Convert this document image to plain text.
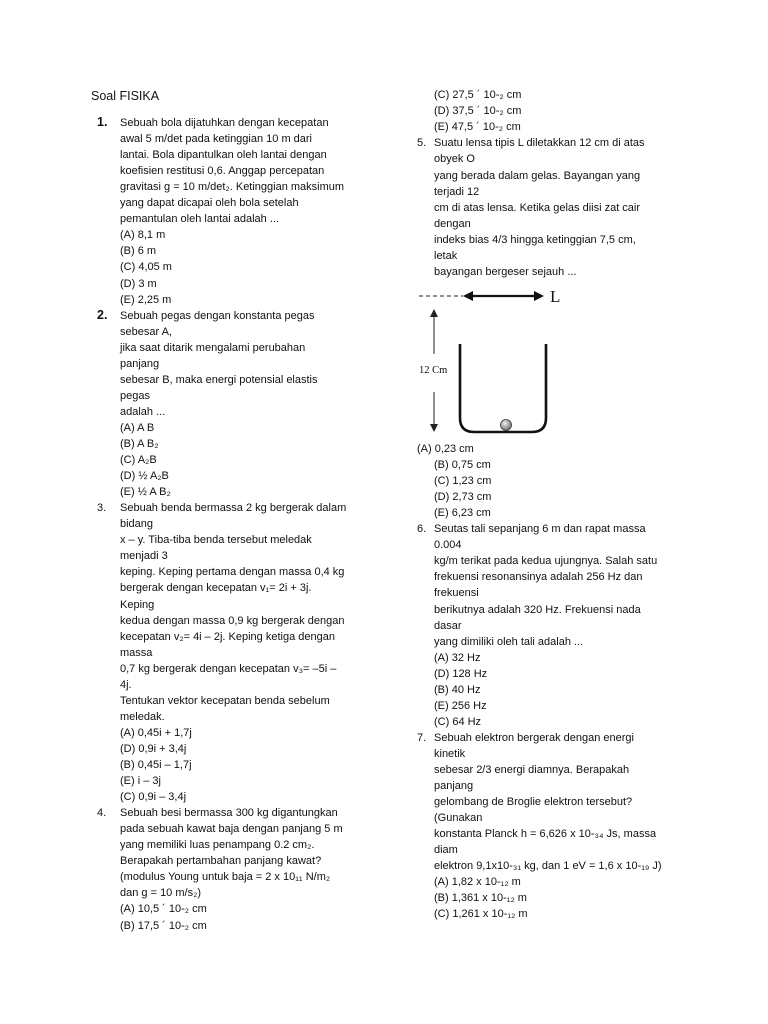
Soal FISIKA
1. Sebuah bola dijatuhkan dengan kecepatan
awal 5 m/det pada ketinggian 10 m dari
lantai. Bola dipantulkan oleh lantai dengan
koefisien restitusi 0,6. Anggap percepatan
gravitasi g = 10 m/det₂. Ketinggian maksimum
yang dapat dicapai oleh bola setelah
pemantulan oleh lantai adalah ...
(A) 8,1 m
(B) 6 m
(C) 4,05 m
(D) 3 m
(E) 2,25 m
2. Sebuah pegas dengan konstanta pegas
sebesar A,
jika saat ditarik mengalami perubahan
panjang
sebesar B, maka energi potensial elastis
pegas
adalah ...
(A) A B
(B) A B₂
(C) A₂B
(D) ½ A₂B
(E) ½ A B₂
3. Sebuah benda bermassa 2 kg bergerak dalam
bidang
x – y. Tiba-tiba benda tersebut meledak
menjadi 3
keping. Keping pertama dengan massa 0,4 kg
bergerak dengan kecepatan v₁= 2i + 3j.
Keping
kedua dengan massa 0,9 kg bergerak dengan
kecepatan v₂= 4i – 2j. Keping ketiga dengan
massa
0,7 kg bergerak dengan kecepatan v₃= –5i –
4j.
Tentukan vektor kecepatan benda sebelum
meledak.
(A) 0,45i + 1,7j
(D) 0,9i + 3,4j
(B) 0,45i – 1,7j
(E) i – 3j
(C) 0,9i – 3,4j
4. Sebuah besi bermassa 300 kg digantungkan
pada sebuah kawat baja dengan panjang 5 m
yang memiliki luas penampang 0.2 cm₂.
Berapakah pertambahan panjang kawat?
(modulus Young untuk baja = 2 x 10₁₁ N/m₂
dan g = 10 m/s₂)
(A) 10,5 ´ 10-₂ cm
(B) 17,5 ´ 10-₂ cm
(C) 27,5 ´ 10-₂ cm
(D) 37,5 ´ 10-₂ cm
(E) 47,5 ´ 10-₂ cm
5. Suatu lensa tipis L diletakkan 12 cm di atas
obyek O
yang berada dalam gelas. Bayangan yang
terjadi 12
cm di atas lensa. Ketika gelas diisi zat cair
dengan
indeks bias 4/3 hingga ketinggian 7,5 cm,
letak
bayangan bergeser sejauh ...
(A) 0,23 cm
(B) 0,75 cm
(C) 1,23 cm
(D) 2,73 cm
(E) 6,23 cm
6. Seutas tali sepanjang 6 m dan rapat massa
0.004
kg/m terikat pada kedua ujungnya. Salah satu
frekuensi resonansinya adalah 256 Hz dan
frekuensi
berikutnya adalah 320 Hz. Frekuensi nada
dasar
yang dimiliki oleh tali adalah ...
(A) 32 Hz
(D) 128 Hz
(B) 40 Hz
(E) 256 Hz
(C) 64 Hz
7. Sebuah elektron bergerak dengan energi
kinetik
sebesar 2/3 energi diamnya. Berapakah
panjang
gelombang de Broglie elektron tersebut?
(Gunakan
konstanta Planck h = 6,626 x 10-₃₄ Js, massa
diam
elektron 9,1x10-₃₁ kg, dan 1 eV = 1,6 x 10-₁₉ J)
(A) 1,82 x 10-₁₂ m
(B) 1,361 x 10-₁₂ m
(C) 1,261 x 10-₁₂ m
L
12 Cm
